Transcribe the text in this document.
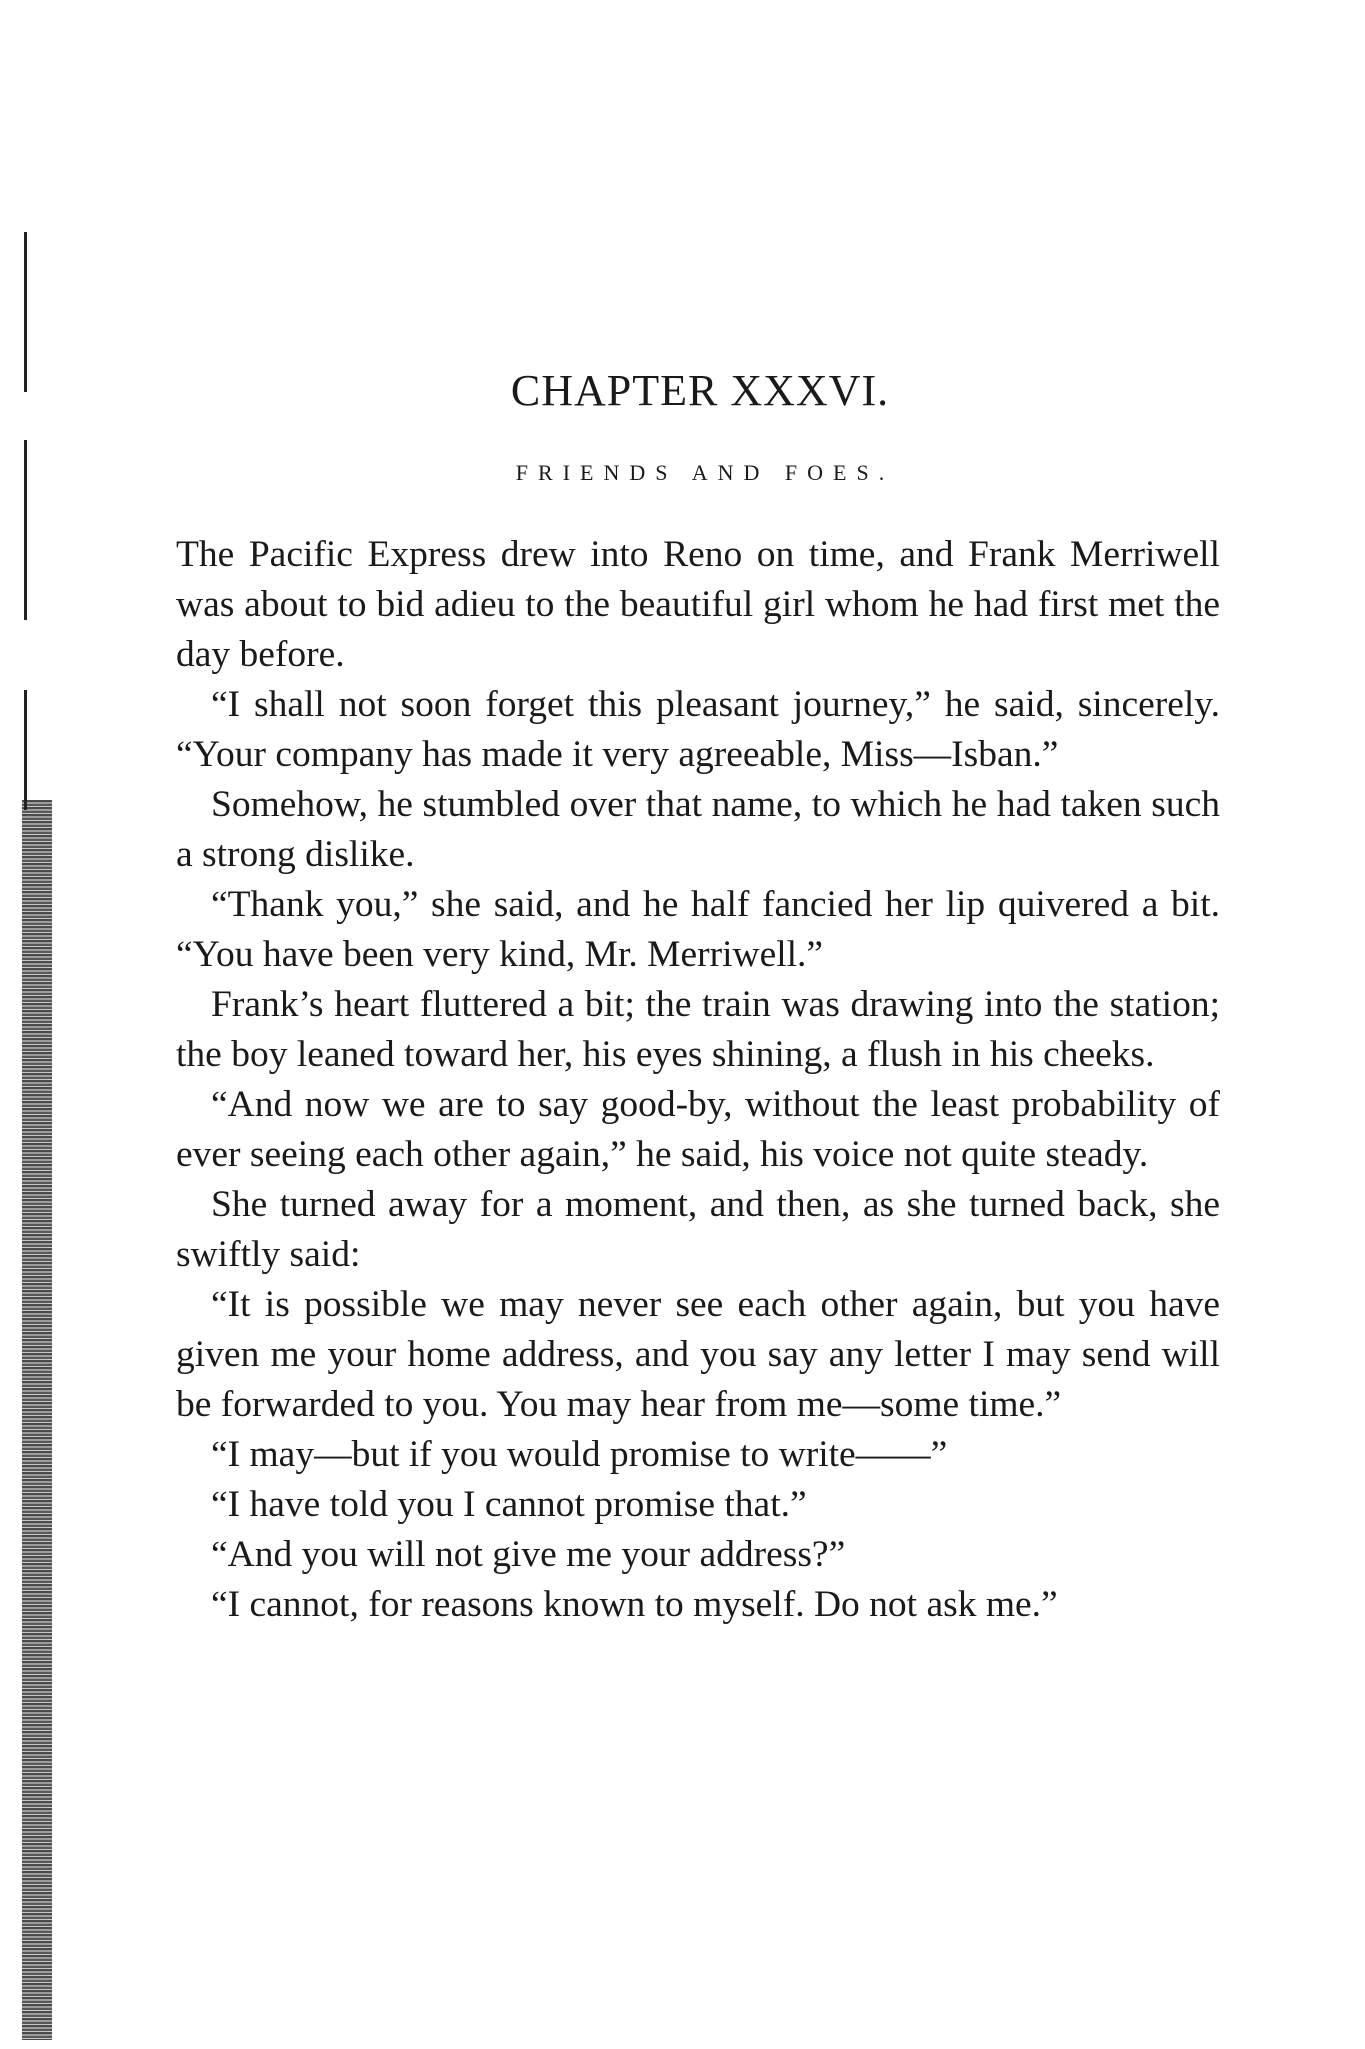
CHAPTER XXXVI.
FRIENDS AND FOES.

The Pacific Express drew into Reno on time, and Frank Merriwell was about to bid adieu to the beautiful girl whom he had first met the day before.

“I shall not soon forget this pleasant journey,” he said, sincerely. “Your company has made it very agreeable, Miss—Isban.”

Somehow, he stumbled over that name, to which he had taken such a strong dislike.

“Thank you,” she said, and he half fancied her lip quivered a bit. “You have been very kind, Mr. Merriwell.”

Frank’s heart fluttered a bit; the train was drawing into the station; the boy leaned toward her, his eyes shining, a flush in his cheeks.

“And now we are to say good-by, without the least probability of ever seeing each other again,” he said, his voice not quite steady.

She turned away for a moment, and then, as she turned back, she swiftly said:

“It is possible we may never see each other again, but you have given me your home address, and you say any letter I may send will be forwarded to you. You may hear from me—some time.”

“I may—but if you would promise to write——”

“I have told you I cannot promise that.”

“And you will not give me your address?”

“I cannot, for reasons known to myself. Do not ask me.”
